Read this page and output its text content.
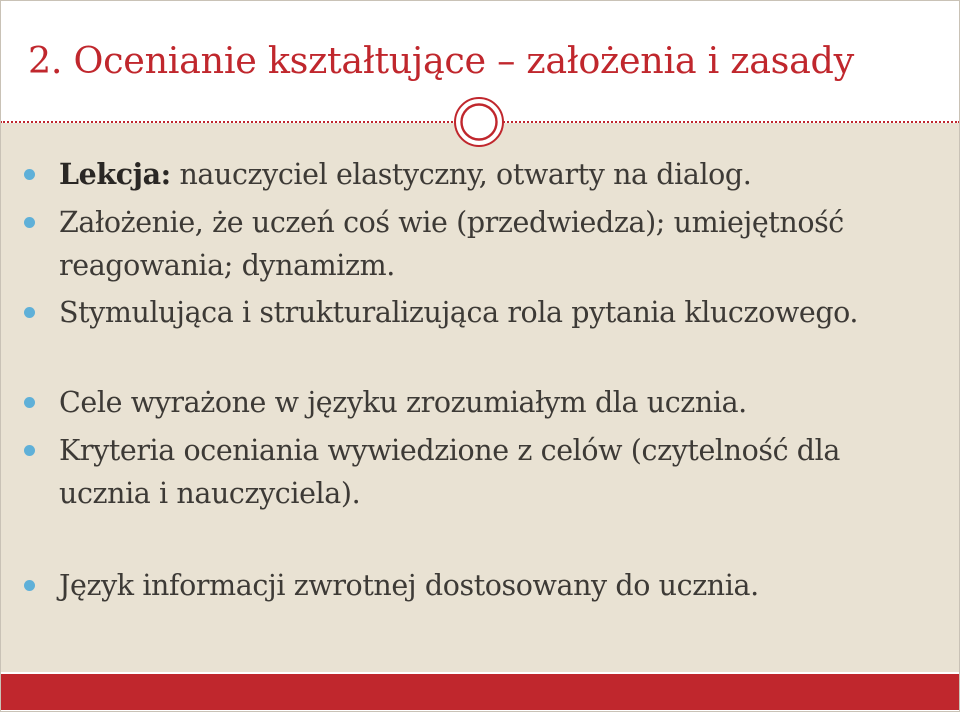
2. Ocenianie kształtujące – założenia i zasady
Lekcja: nauczyciel elastyczny, otwarty na dialog.
Założenie, że uczeń coś wie (przedwiedza); umiejętność reagowania; dynamizm.
Stymulująca i strukturalizująca rola pytania kluczowego.
Cele wyrażone w języku zrozumiałym dla ucznia.
Kryteria oceniania wywiedzione z celów (czytelność dla ucznia i nauczyciela).
Język informacji zwrotnej dostosowany do ucznia.
